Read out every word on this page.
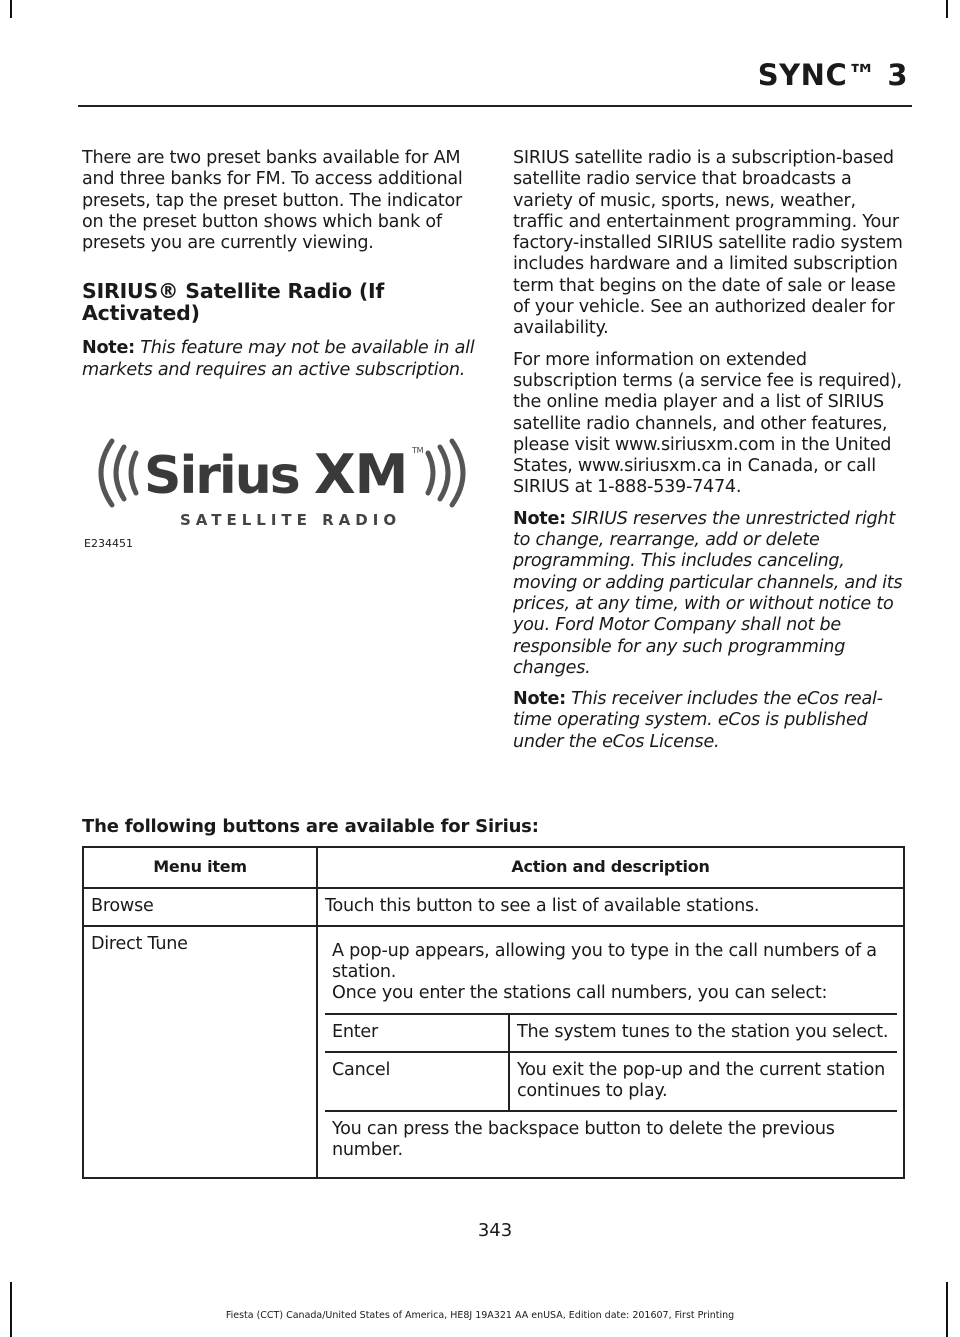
SYNC™ 3

There are two preset banks available for AM and three banks for FM. To access additional presets, tap the preset button. The indicator on the preset button shows which bank of presets you are currently viewing.

SIRIUS® Satellite Radio (If Activated)

Note: This feature may not be available in all markets and requires an active subscription.

Sirius XM TM
SATELLITE RADIO
E234451

SIRIUS satellite radio is a subscription-based satellite radio service that broadcasts a variety of music, sports, news, weather, traffic and entertainment programming. Your factory-installed SIRIUS satellite radio system includes hardware and a limited subscription term that begins on the date of sale or lease of your vehicle. See an authorized dealer for availability.

For more information on extended subscription terms (a service fee is required), the online media player and a list of SIRIUS satellite radio channels, and other features, please visit www.siriusxm.com in the United States, www.siriusxm.ca in Canada, or call SIRIUS at 1-888-539-7474.

Note: SIRIUS reserves the unrestricted right to change, rearrange, add or delete programming. This includes canceling, moving or adding particular channels, and its prices, at any time, with or without notice to you. Ford Motor Company shall not be responsible for any such programming changes.

Note: This receiver includes the eCos real-time operating system. eCos is published under the eCos License.

The following buttons are available for Sirius:
Menu item	Action and description
Browse	Touch this button to see a list of available stations.
Direct Tune	A pop-up appears, allowing you to type in the call numbers of a station.
Once you enter the stations call numbers, you can select:
Enter	The system tunes to the station you select.
Cancel	You exit the pop-up and the current station continues to play.
You can press the backspace button to delete the previous number.
343
Fiesta (CCT) Canada/United States of America, HE8J 19A321 AA enUSA, Edition date: 201607, First Printing
